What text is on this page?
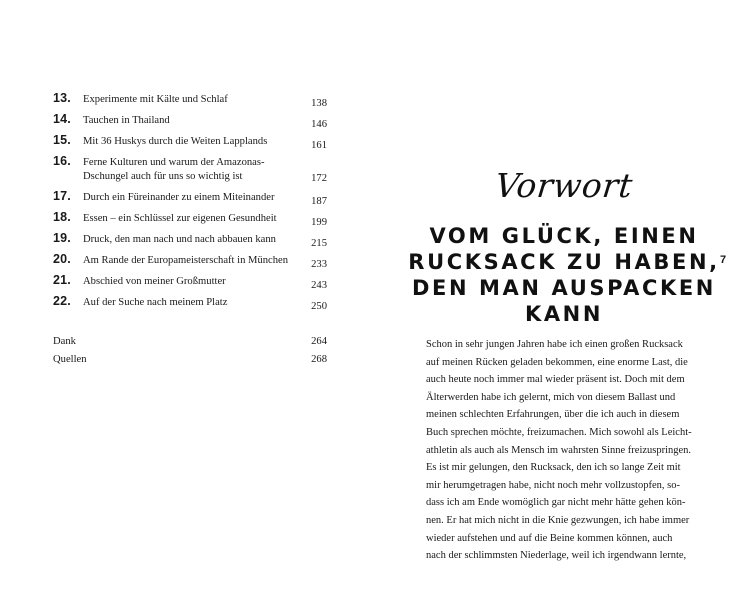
13.	Experimente mit Kälte und Schlaf	138
14.	Tauchen in Thailand	146
15.	Mit 36 Huskys durch die Weiten Lapplands	161
16.	Ferne Kulturen und warum der Amazonas-
Dschungel auch für uns so wichtig ist	172
17.	Durch ein Füreinander zu einem Miteinander	187
18.	Essen – ein Schlüssel zur eigenen Gesundheit	199
19.	Druck, den man nach und nach abbauen kann	215
20.	Am Rande der Europameisterschaft in München	233
21.	Abschied von meiner Großmutter	243
22.	Auf der Suche nach meinem Platz	250
Dank	264
Quellen	268
Vorwort
VOM GLÜCK, EINEN
RUCKSACK ZU HABEN,
DEN MAN AUSPACKEN
KANN
7
Schon in sehr jungen Jahren habe ich einen großen Rucksack
auf meinen Rücken geladen bekommen, eine enorme Last, die
auch heute noch immer mal wieder präsent ist. Doch mit dem
Älterwerden habe ich gelernt, mich von diesem Ballast und
meinen schlechten Erfahrungen, über die ich auch in diesem
Buch sprechen möchte, freizumachen. Mich sowohl als Leicht-
athletin als auch als Mensch im wahrsten Sinne freizuspringen.
Es ist mir gelungen, den Rucksack, den ich so lange Zeit mit
mir herumgetragen habe, nicht noch mehr vollzustopfen, so-
dass ich am Ende womöglich gar nicht mehr hätte gehen kön-
nen. Er hat mich nicht in die Knie gezwungen, ich habe immer
wieder aufstehen und auf die Beine kommen können, auch
nach der schlimmsten Niederlage, weil ich irgendwann lernte,
